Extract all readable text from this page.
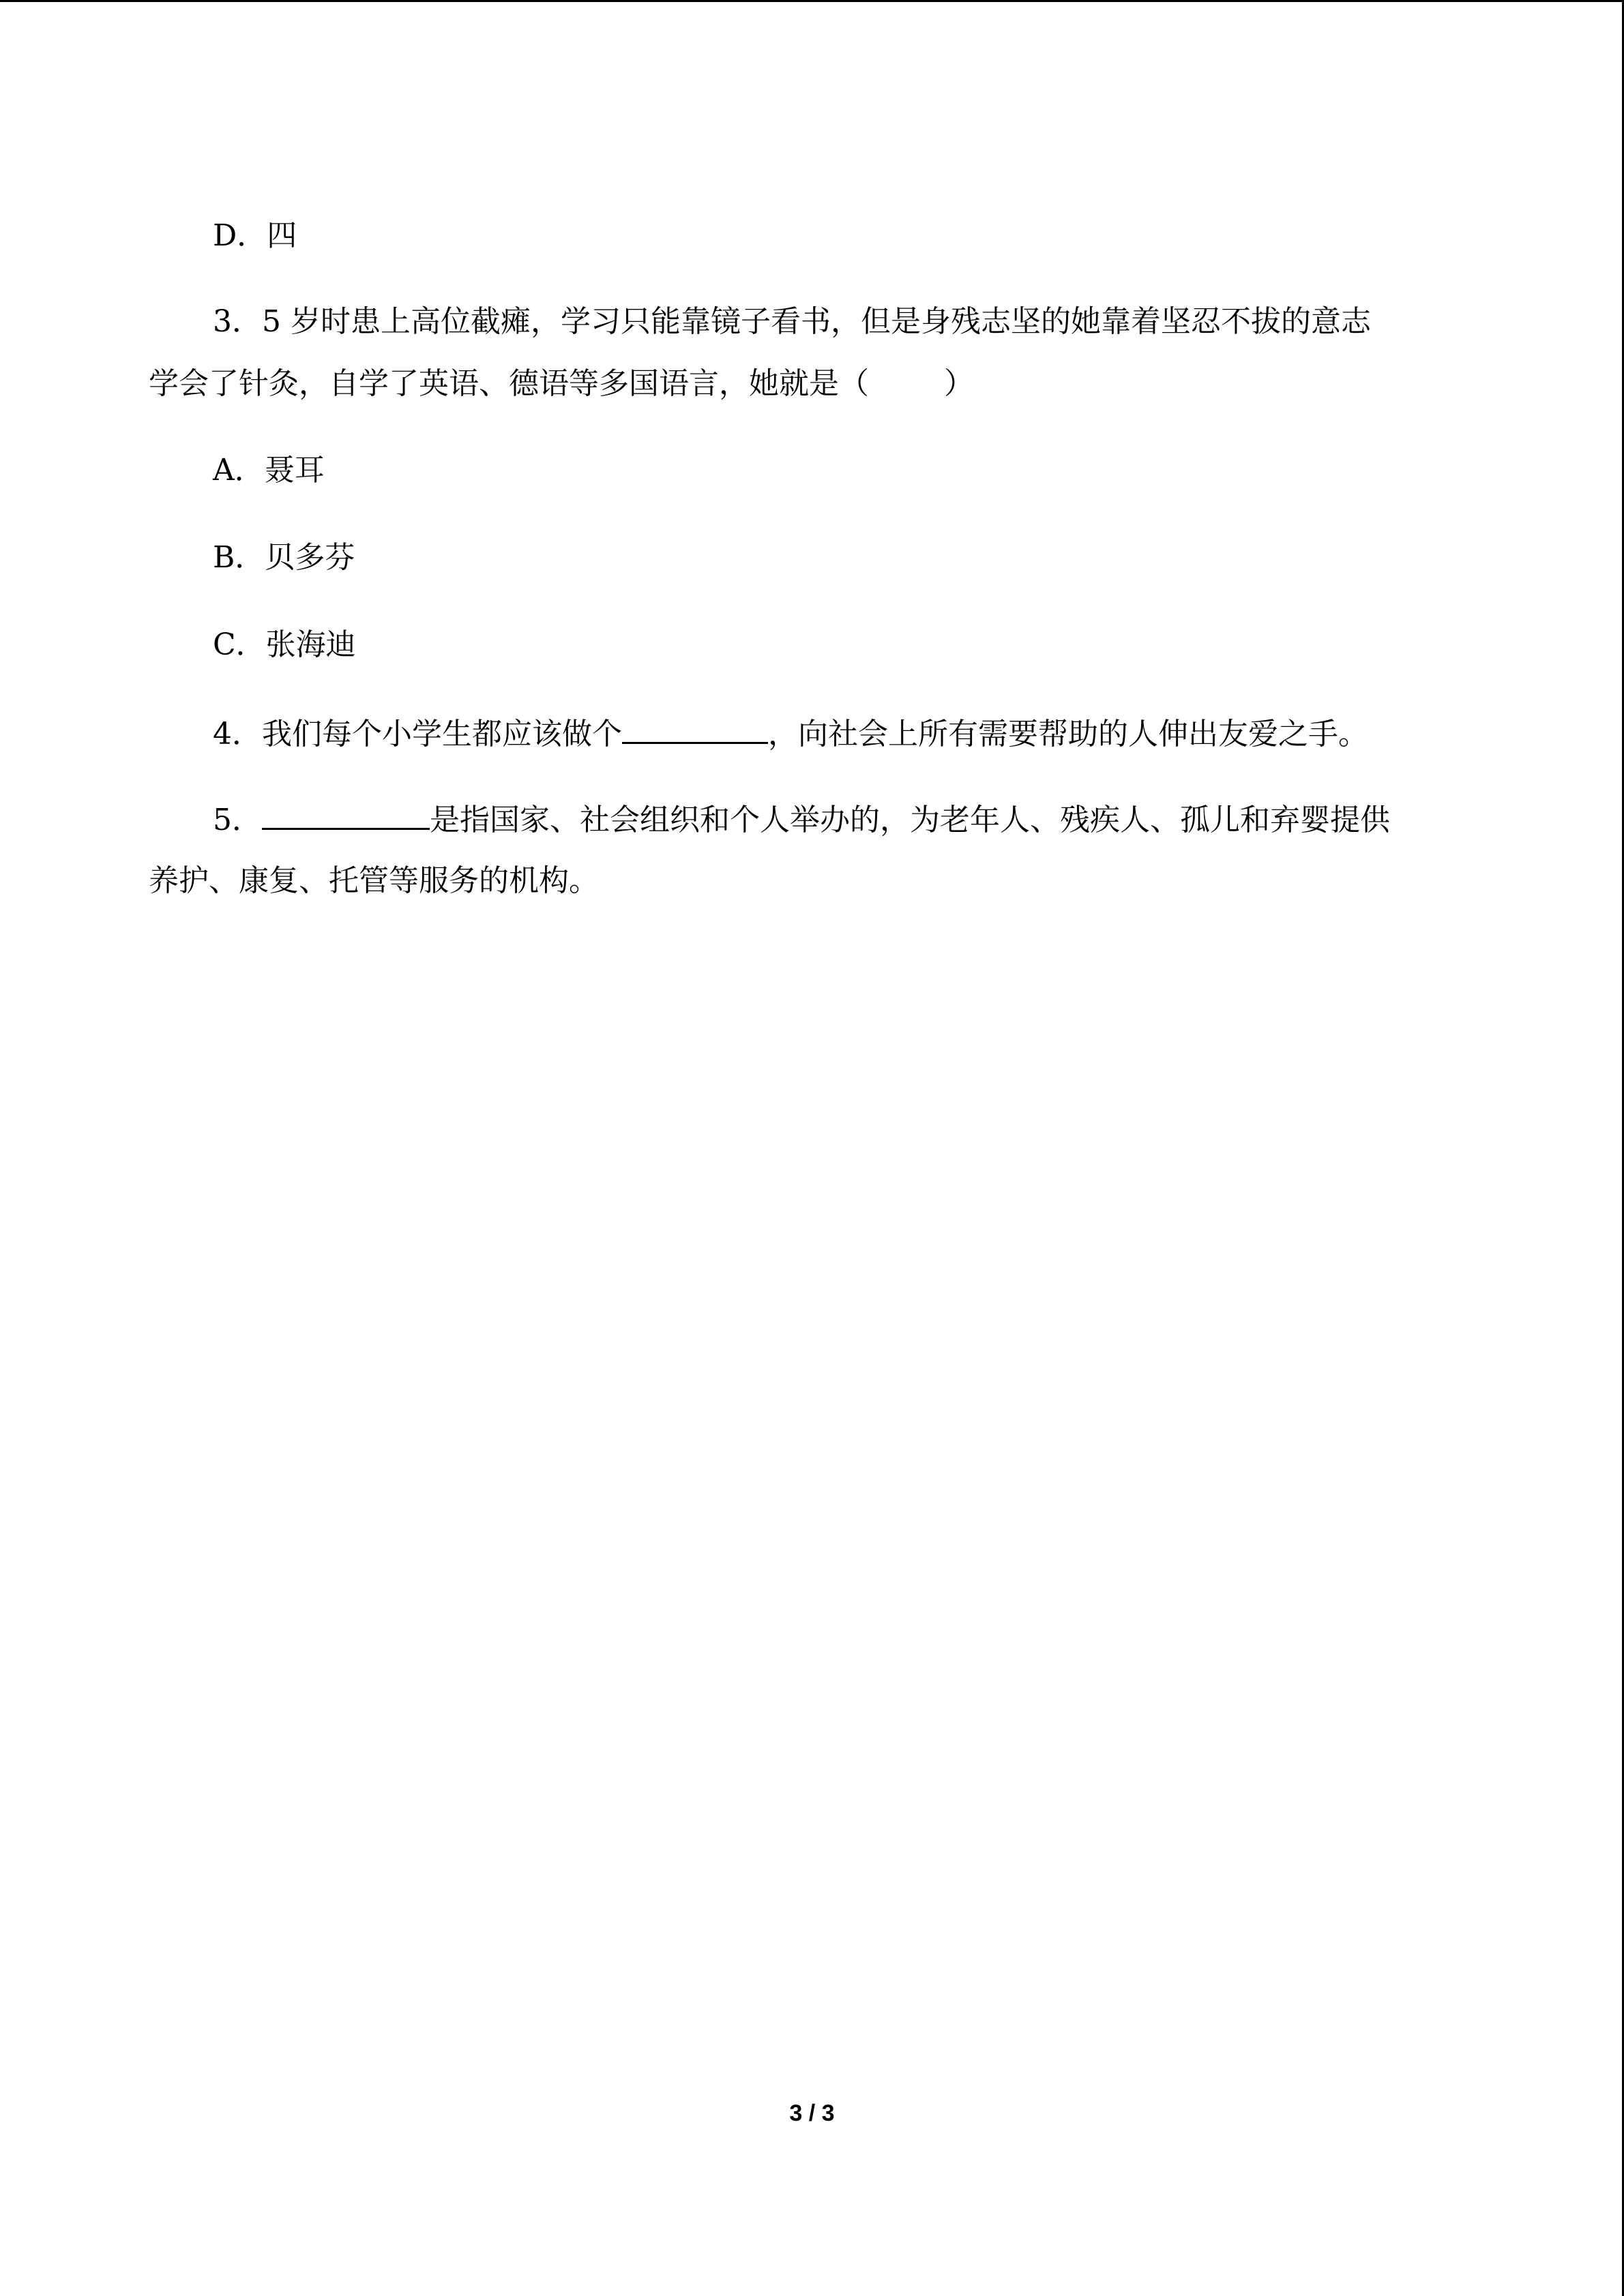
D．四
3．5 岁时患上高位截瘫，学习只能靠镜子看书，但是身残志坚的她靠着坚忍不拔的意志
学会了针灸，自学了英语、德语等多国语言，她就是（	）
A．聂耳
B．贝多芬
C．张海迪
4．我们每个小学生都应该做个	，向社会上所有需要帮助的人伸出友爱之手。
5．	是指国家、社会组织和个人举办的，为老年人、残疾人、孤儿和弃婴提供
养护、康复、托管等服务的机构。
3 / 3
